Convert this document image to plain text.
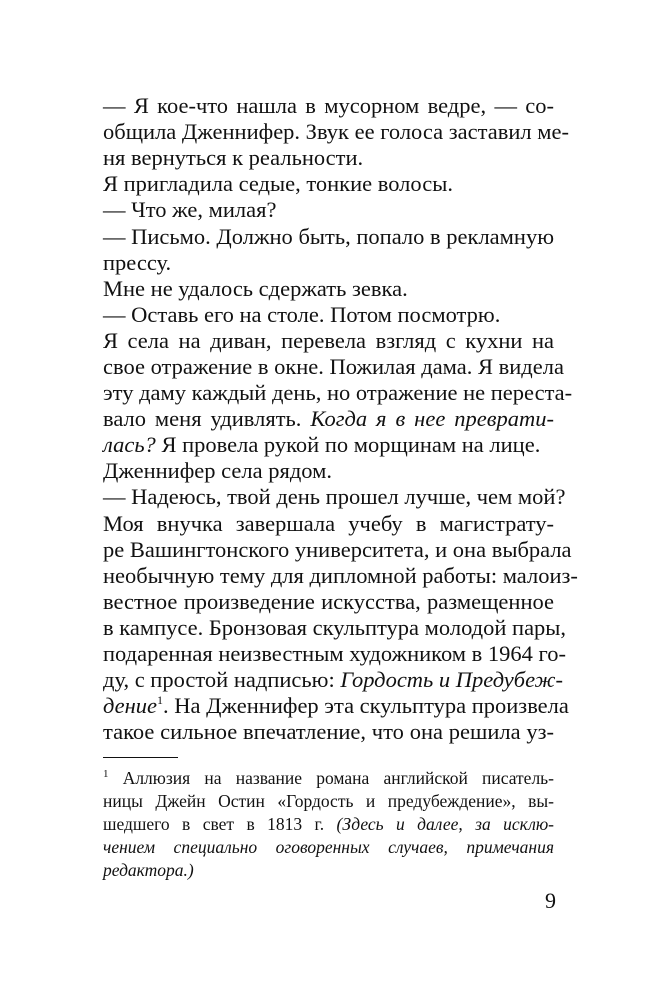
— Я кое-что нашла в мусорном ведре, — со-
общила Дженнифер. Звук ее голоса заставил ме-
ня вернуться к реальности.
Я пригладила седые, тонкие волосы.
— Что же, милая?
— Письмо. Должно быть, попало в рекламную
прессу.
Мне не удалось сдержать зевка.
— Оставь его на столе. Потом посмотрю.
Я села на диван, перевела взгляд с кухни на
свое отражение в окне. Пожилая дама. Я видела
эту даму каждый день, но отражение не переста-
вало меня удивлять. Когда я в нее преврати-
лась? Я провела рукой по морщинам на лице.
Дженнифер села рядом.
— Надеюсь, твой день прошел лучше, чем мой?
Моя внучка завершала учебу в магистрату-
ре Вашингтонского университета, и она выбрала
необычную тему для дипломной работы: малоиз-
вестное произведение искусства, размещенное
в кампусе. Бронзовая скульптура молодой пары,
подаренная неизвестным художником в 1964 го-
ду, с простой надписью: Гордость и Предубеж-
дение$^1$. На Дженнифер эта скульптура произвела
такое сильное впечатление, что она решила уз-
$^1$ Аллюзия на название романа английской писатель-
ницы Джейн Остин «Гордость и предубеждение», вы-
шедшего в свет в 1813 г. (Здесь и далее, за исклю-
чением специально оговоренных случаев, примечания
редактора.)
9
